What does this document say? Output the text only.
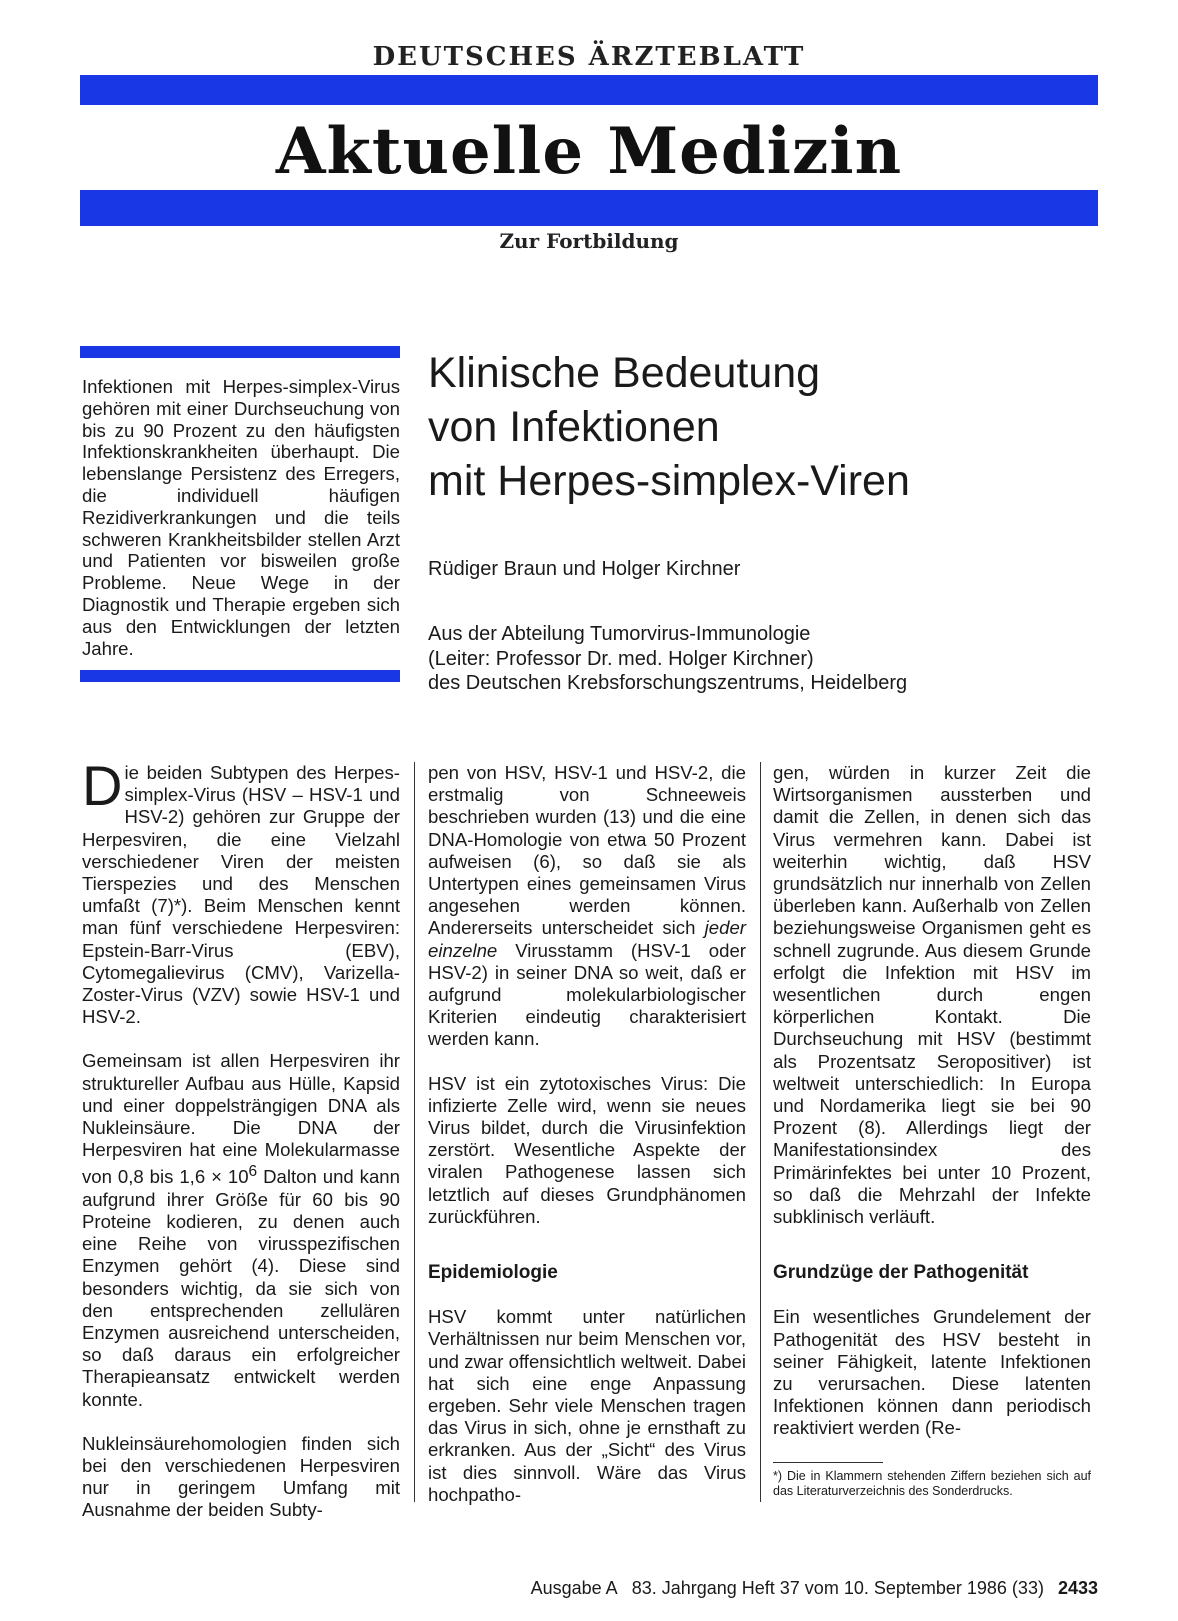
DEUTSCHES ÄRZTEBLATT
Aktuelle Medizin
Zur Fortbildung
Infektionen mit Herpes-simplex-Virus gehören mit einer Durchseuchung von bis zu 90 Prozent zu den häufigsten Infektionskrankheiten überhaupt. Die lebenslange Persistenz des Erregers, die individuell häufigen Rezidiverkrankungen und die teils schweren Krankheitsbilder stellen Arzt und Patienten vor bisweilen große Probleme. Neue Wege in der Diagnostik und Therapie ergeben sich aus den Entwicklungen der letzten Jahre.
Klinische Bedeutung
von Infektionen
mit Herpes-simplex-Viren
Rüdiger Braun und Holger Kirchner
Aus der Abteilung Tumorvirus-Immunologie
(Leiter: Professor Dr. med. Holger Kirchner)
des Deutschen Krebsforschungszentrums, Heidelberg

Die beiden Subtypen des Herpes-simplex-Virus (HSV – HSV-1 und HSV-2) gehören zur Gruppe der Herpesviren, die eine Vielzahl verschiedener Viren der meisten Tierspezies und des Menschen umfaßt (7)*). Beim Menschen kennt man fünf verschiedene Herpesviren: Epstein-Barr-Virus (EBV), Cytomegalievirus (CMV), Varizella-Zoster-Virus (VZV) sowie HSV-1 und HSV-2.

Gemeinsam ist allen Herpesviren ihr struktureller Aufbau aus Hülle, Kapsid und einer doppelsträngigen DNA als Nukleinsäure. Die DNA der Herpesviren hat eine Molekularmasse von 0,8 bis $1,6 \times 10^6$ Dalton und kann aufgrund ihrer Größe für 60 bis 90 Proteine kodieren, zu denen auch eine Reihe von virusspezifischen Enzymen gehört (4). Diese sind besonders wichtig, da sie sich von den entsprechenden zellulären Enzymen ausreichend unterscheiden, so daß daraus ein erfolgreicher Therapieansatz entwickelt werden konnte.

Nukleinsäurehomologien finden sich bei den verschiedenen Herpesviren nur in geringem Umfang mit Ausnahme der beiden Subty-

pen von HSV, HSV-1 und HSV-2, die erstmalig von Schneeweis beschrieben wurden (13) und die eine DNA-Homologie von etwa 50 Prozent aufweisen (6), so daß sie als Untertypen eines gemeinsamen Virus angesehen werden können. Andererseits unterscheidet sich jeder einzelne Virusstamm (HSV-1 oder HSV-2) in seiner DNA so weit, daß er aufgrund molekularbiologischer Kriterien eindeutig charakterisiert werden kann.

HSV ist ein zytotoxisches Virus: Die infizierte Zelle wird, wenn sie neues Virus bildet, durch die Virusinfektion zerstört. Wesentliche Aspekte der viralen Pathogenese lassen sich letztlich auf dieses Grundphänomen zurückführen.

Epidemiologie

HSV kommt unter natürlichen Verhältnissen nur beim Menschen vor, und zwar offensichtlich weltweit. Dabei hat sich eine enge Anpassung ergeben. Sehr viele Menschen tragen das Virus in sich, ohne je ernsthaft zu erkranken. Aus der „Sicht“ des Virus ist dies sinnvoll. Wäre das Virus hochpatho-

gen, würden in kurzer Zeit die Wirtsorganismen aussterben und damit die Zellen, in denen sich das Virus vermehren kann. Dabei ist weiterhin wichtig, daß HSV grundsätzlich nur innerhalb von Zellen überleben kann. Außerhalb von Zellen beziehungsweise Organismen geht es schnell zugrunde. Aus diesem Grunde erfolgt die Infektion mit HSV im wesentlichen durch engen körperlichen Kontakt. Die Durchseuchung mit HSV (bestimmt als Prozentsatz Seropositiver) ist weltweit unterschiedlich: In Europa und Nordamerika liegt sie bei 90 Prozent (8). Allerdings liegt der Manifestationsindex des Primärinfektes bei unter 10 Prozent, so daß die Mehrzahl der Infekte subklinisch verläuft.

Grundzüge der Pathogenität

Ein wesentliches Grundelement der Pathogenität des HSV besteht in seiner Fähigkeit, latente Infektionen zu verursachen. Diese latenten Infektionen können dann periodisch reaktiviert werden (Re-

*) Die in Klammern stehenden Ziffern beziehen sich auf das Literaturverzeichnis des Sonderdrucks.

Ausgabe A   83. Jahrgang Heft 37 vom 10. September 1986 (33) 2433
